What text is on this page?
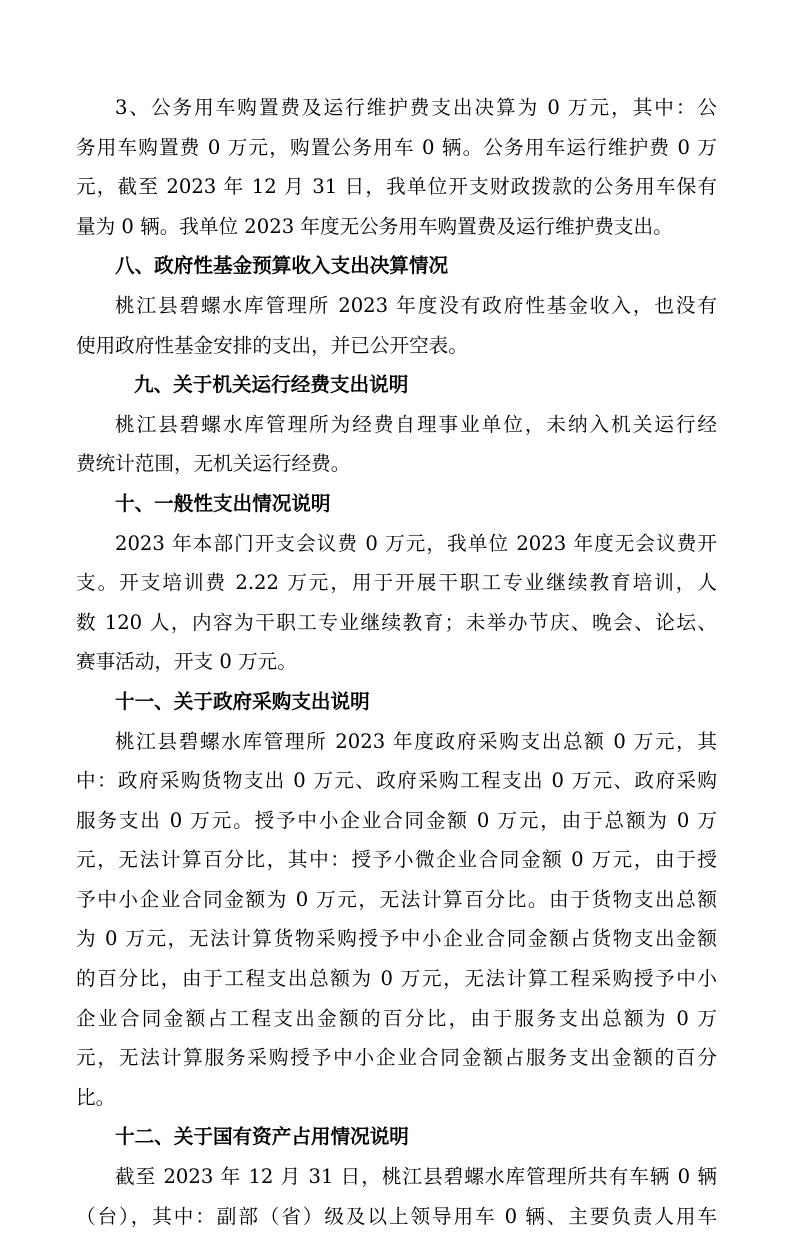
3、公务用车购置费及运行维护费支出决算为 0 万元，其中：公
务用车购置费 0 万元，购置公务用车 0 辆。公务用车运行维护费 0 万
元，截至 2023 年 12 月 31 日，我单位开支财政拨款的公务用车保有
量为 0 辆。我单位 2023 年度无公务用车购置费及运行维护费支出。
八、政府性基金预算收入支出决算情况
桃江县碧螺水库管理所 2023 年度没有政府性基金收入，也没有
使用政府性基金安排的支出，并已公开空表。
九、关于机关运行经费支出说明
桃江县碧螺水库管理所为经费自理事业单位，未纳入机关运行经
费统计范围，无机关运行经费。
十、一般性支出情况说明
2023 年本部门开支会议费 0 万元，我单位 2023 年度无会议费开
支。开支培训费 2.22 万元，用于开展干职工专业继续教育培训，人
数 120 人，内容为干职工专业继续教育；未举办节庆、晚会、论坛、
赛事活动，开支 0 万元。
十一、关于政府采购支出说明
桃江县碧螺水库管理所 2023 年度政府采购支出总额 0 万元，其
中：政府采购货物支出 0 万元、政府采购工程支出 0 万元、政府采购
服务支出 0 万元。授予中小企业合同金额 0 万元，由于总额为 0 万
元，无法计算百分比，其中：授予小微企业合同金额 0 万元，由于授
予中小企业合同金额为 0 万元，无法计算百分比。由于货物支出总额
为 0 万元，无法计算货物采购授予中小企业合同金额占货物支出金额
的百分比，由于工程支出总额为 0 万元，无法计算工程采购授予中小
企业合同金额占工程支出金额的百分比，由于服务支出总额为 0 万
元，无法计算服务采购授予中小企业合同金额占服务支出金额的百分
比。
十二、关于国有资产占用情况说明
截至 2023 年 12 月 31 日，桃江县碧螺水库管理所共有车辆 0 辆
（台），其中：副部（省）级及以上领导用车 0 辆、主要负责人用车
